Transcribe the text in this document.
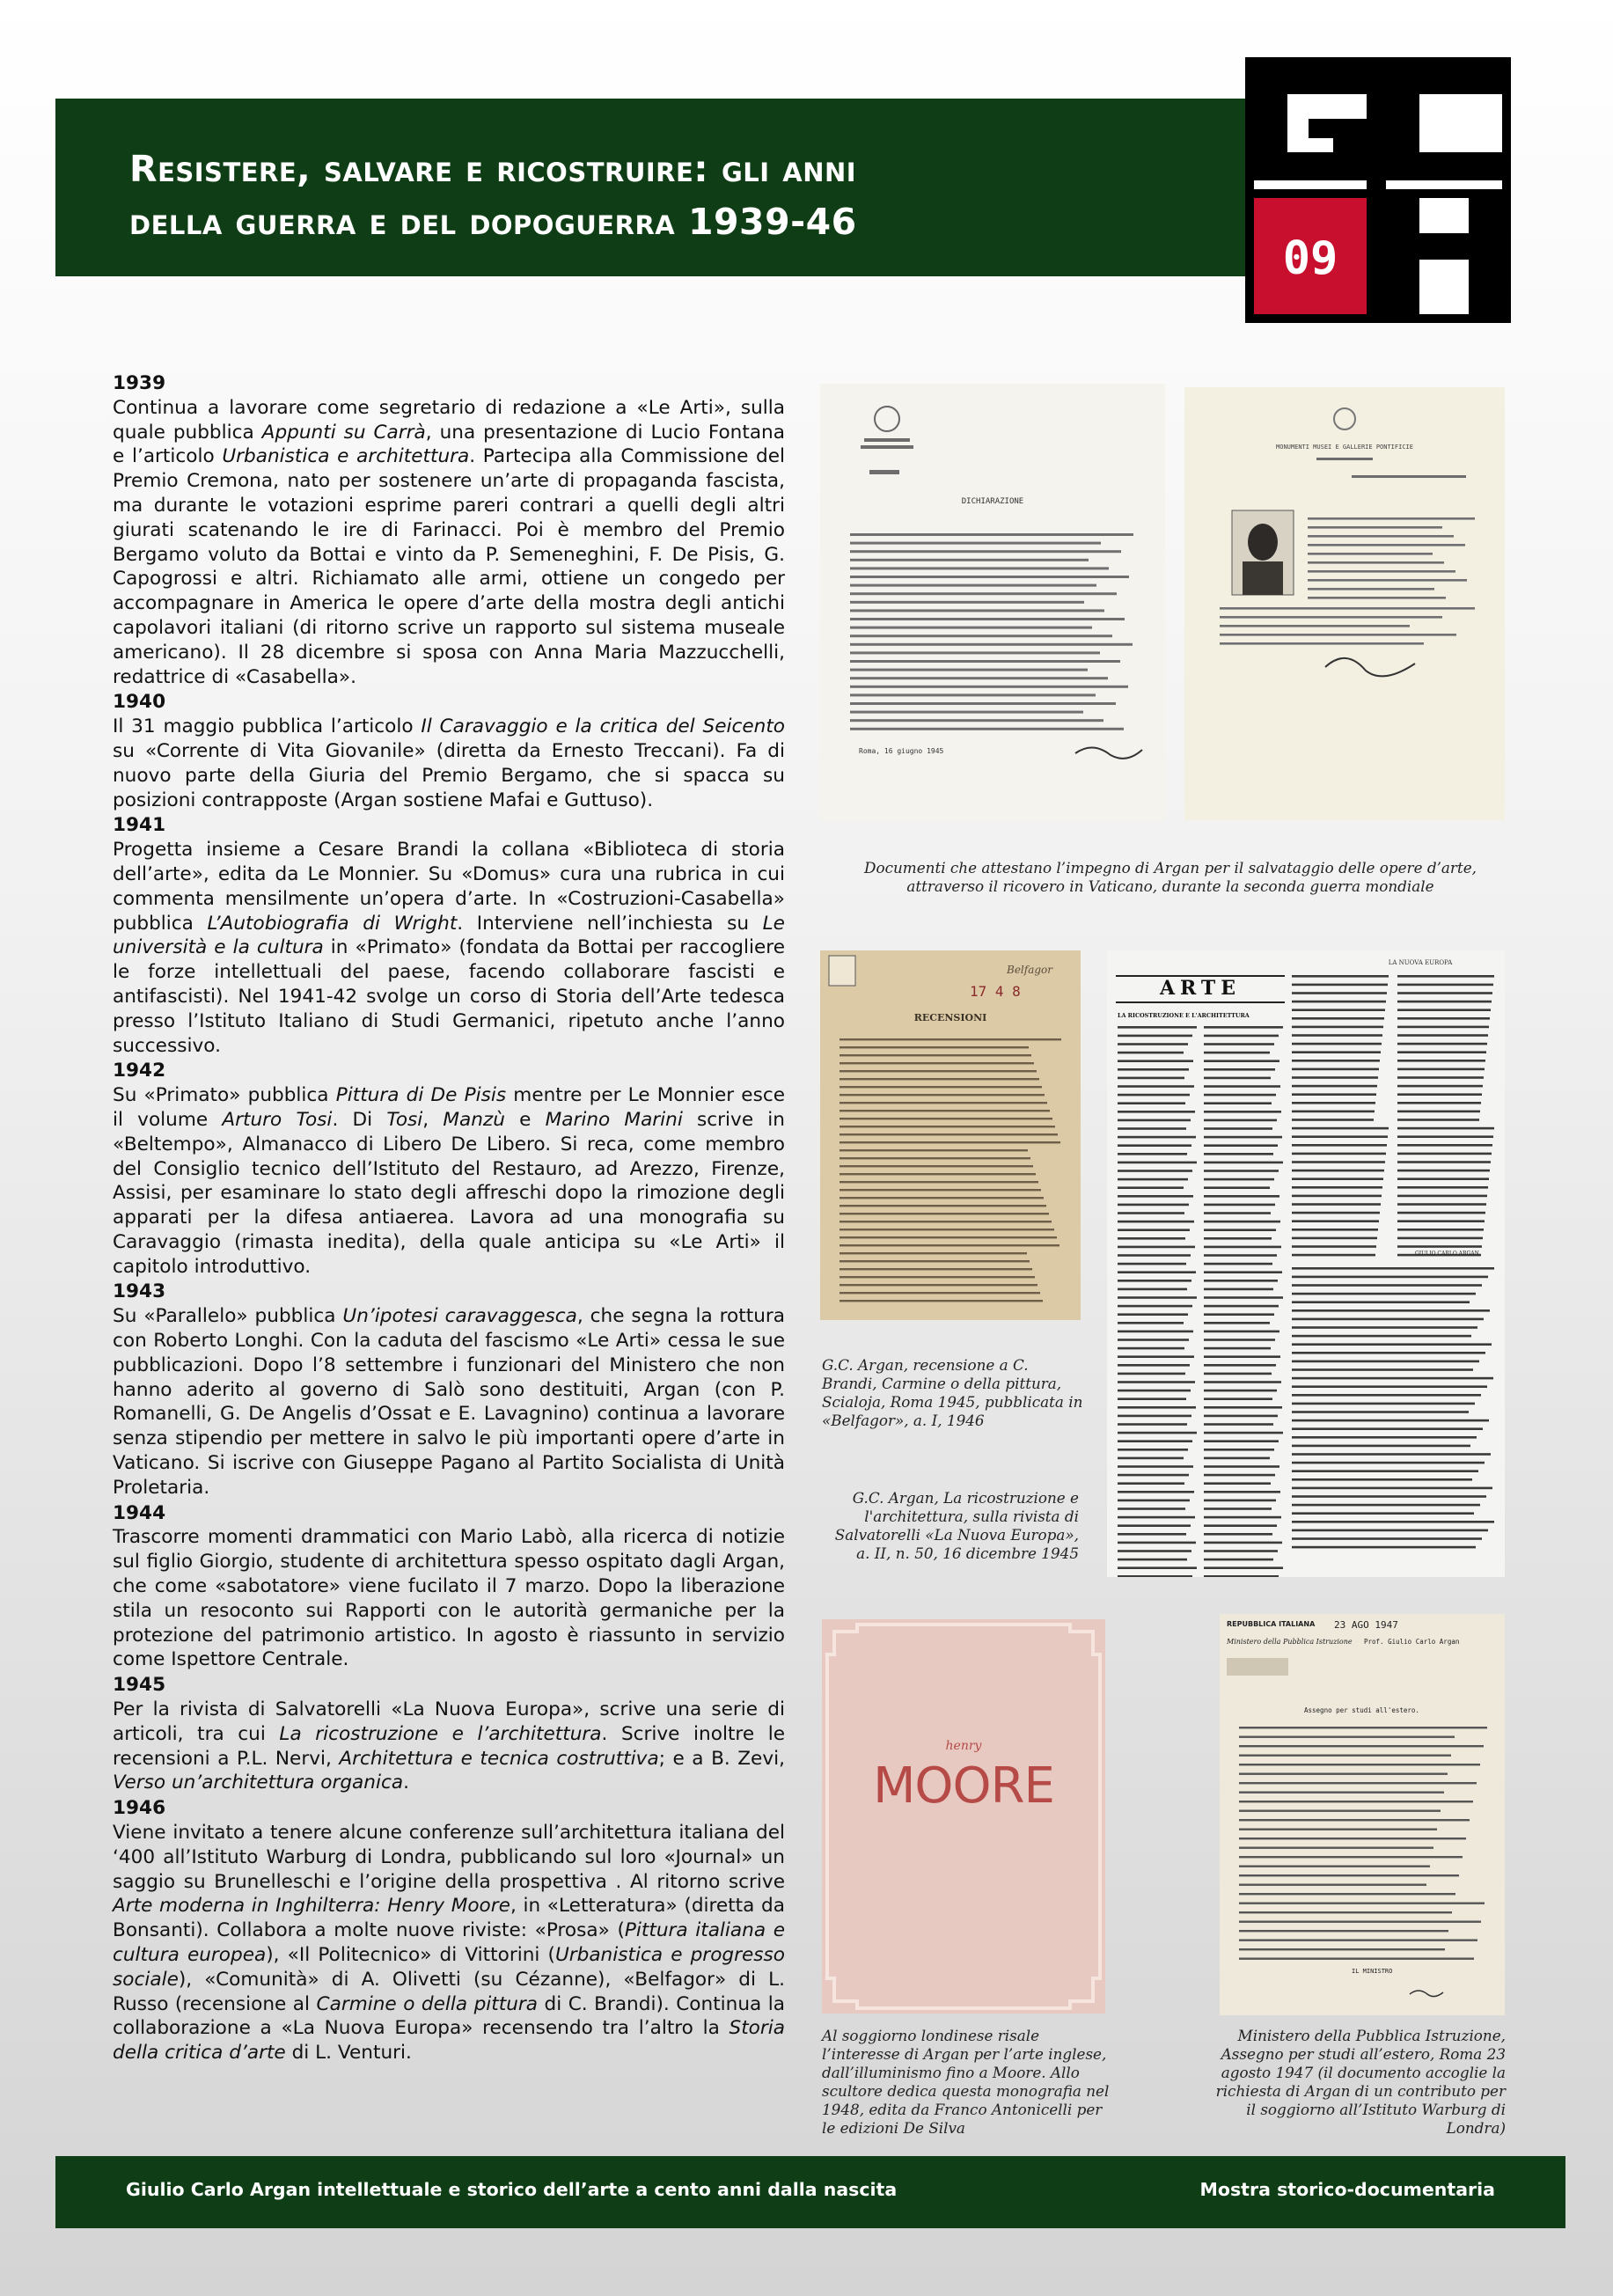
Resistere, salvare e ricostruire: gli anni
della guerra e del dopoguerra 1939-46
09

1939

Continua a lavorare come segretario di redazione a «Le Arti», sulla quale pubblica Appunti su Carrà, una presentazione di Lucio Fontana e l’articolo Urbanistica e architettura. Partecipa alla Commissione del Premio Cremona, nato per sostenere un’arte di propaganda fascista, ma durante le votazioni esprime pareri contrari a quelli degli altri giurati scatenando le ire di Farinacci. Poi è membro del Premio Bergamo voluto da Bottai e vinto da P. Semeneghini, F. De Pisis, G. Capogrossi e altri. Richiamato alle armi, ottiene un congedo per accompagnare in America le opere d’arte della mostra degli antichi capolavori italiani (di ritorno scrive un rapporto sul sistema museale americano). Il 28 dicembre si sposa con Anna Maria Mazzucchelli, redattrice di «Casabella».

1940

Il 31 maggio pubblica l’articolo Il Caravaggio e la critica del Seicento su «Corrente di Vita Giovanile» (diretta da Ernesto Treccani). Fa di nuovo parte della Giuria del Premio Bergamo, che si spacca su posizioni contrapposte (Argan sostiene Mafai e Guttuso).

1941

Progetta insieme a Cesare Brandi la collana «Biblioteca di storia dell’arte», edita da Le Monnier. Su «Domus» cura una rubrica in cui commenta mensilmente un’opera d’arte. In «Costruzioni-Casabella» pubblica L’Autobiografia di Wright. Interviene nell’inchiesta su Le università e la cultura in «Primato» (fondata da Bottai per raccogliere le forze intellettuali del paese, facendo collaborare fascisti e antifascisti). Nel 1941-42 svolge un corso di Storia dell’Arte tedesca presso l’Istituto Italiano di Studi Germanici, ripetuto anche l’anno successivo.

1942

Su «Primato» pubblica Pittura di De Pisis mentre per Le Monnier esce il volume Arturo Tosi. Di Tosi, Manzù e Marino Marini scrive in «Beltempo», Almanacco di Libero De Libero. Si reca, come membro del Consiglio tecnico dell’Istituto del Restauro, ad Arezzo, Firenze, Assisi, per esaminare lo stato degli affreschi dopo la rimozione degli apparati per la difesa antiaerea. Lavora ad una monografia su Caravaggio (rimasta inedita), della quale anticipa su «Le Arti» il capitolo introduttivo.

1943

Su «Parallelo» pubblica Un’ipotesi caravaggesca, che segna la rottura con Roberto Longhi. Con la caduta del fascismo «Le Arti» cessa le sue pubblicazioni. Dopo l’8 settembre i funzionari del Ministero che non hanno aderito al governo di Salò sono destituiti, Argan (con P. Romanelli, G. De Angelis d’Ossat e E. Lavagnino) continua a lavorare senza stipendio per mettere in salvo le più importanti opere d’arte in Vaticano. Si iscrive con Giuseppe Pagano al Partito Socialista di Unità Proletaria.

1944

Trascorre momenti drammatici con Mario Labò, alla ricerca di notizie sul figlio Giorgio, studente di architettura spesso ospitato dagli Argan, che come «sabotatore» viene fucilato il 7 marzo. Dopo la liberazione stila un resoconto sui Rapporti con le autorità germaniche per la protezione del patrimonio artistico. In agosto è riassunto in servizio come Ispettore Centrale.

1945

Per la rivista di Salvatorelli «La Nuova Europa», scrive una serie di articoli, tra cui La ricostruzione e l’architettura. Scrive inoltre le recensioni a P.L. Nervi, Architettura e tecnica costruttiva; e a B. Zevi, Verso un’architettura organica.

1946

Viene invitato a tenere alcune conferenze sull’architettura italiana del ‘400 all’Istituto Warburg di Londra, pubblicando sul loro «Journal» un saggio su Brunelleschi e l’origine della prospettiva . Al ritorno scrive Arte moderna in Inghilterra: Henry Moore, in «Letteratura» (diretta da Bonsanti). Collabora a molte nuove riviste: «Prosa» (Pittura italiana e cultura europea), «Il Politecnico» di Vittorini (Urbanistica e progresso sociale), «Comunità» di A. Olivetti (su Cézanne), «Belfagor» di L. Russo (recensione al Carmine o della pittura di C. Brandi). Continua la collaborazione a «La Nuova Europa» recensendo tra l’altro la Storia della critica d’arte di L. Venturi.

DICHIARAZIONE
Roma, 16 giugno 1945
MONUMENTI MUSEI E GALLERIE PONTIFICIE

Documenti che attestano l’impegno di Argan per il salvataggio delle opere d’arte, attraverso il ricovero in Vaticano, durante la seconda guerra mondiale

Belfagor
RECENSIONI
17 4 8

G.C. Argan, recensione a C. Brandi, Carmine o della pittura, Scialoja, Roma 1945, pubblicata in «Belfagor», a. I, 1946

LA NUOVA EUROPA
ARTE
LA RICOSTRUZIONE E L'ARCHITETTURA
GIULIO CARLO ARGAN

G.C. Argan, La ricostruzione e l'architettura, sulla rivista di Salvatorelli «La Nuova Europa», a. II, n. 50, 16 dicembre 1945

henry
MOORE

Al soggiorno londinese risale l’interesse di Argan per l’arte inglese, dall’illuminismo fino a Moore. Allo scultore dedica questa monografia nel 1948, edita da Franco Antonicelli per le edizioni De Silva

REPUBBLICA ITALIANA
Ministero della Pubblica Istruzione
23 AGO 1947
Prof. Giulio Carlo Argan
Assegno per studi all'estero.
IL MINISTRO

Ministero della Pubblica Istruzione, Assegno per studi all’estero, Roma 23 agosto 1947 (il documento accoglie la richiesta di Argan di un contributo per il soggiorno all’Istituto Warburg di Londra)

Giulio Carlo Argan intellettuale e storico dell’arte a cento anni dalla nascita	Mostra storico-documentaria
